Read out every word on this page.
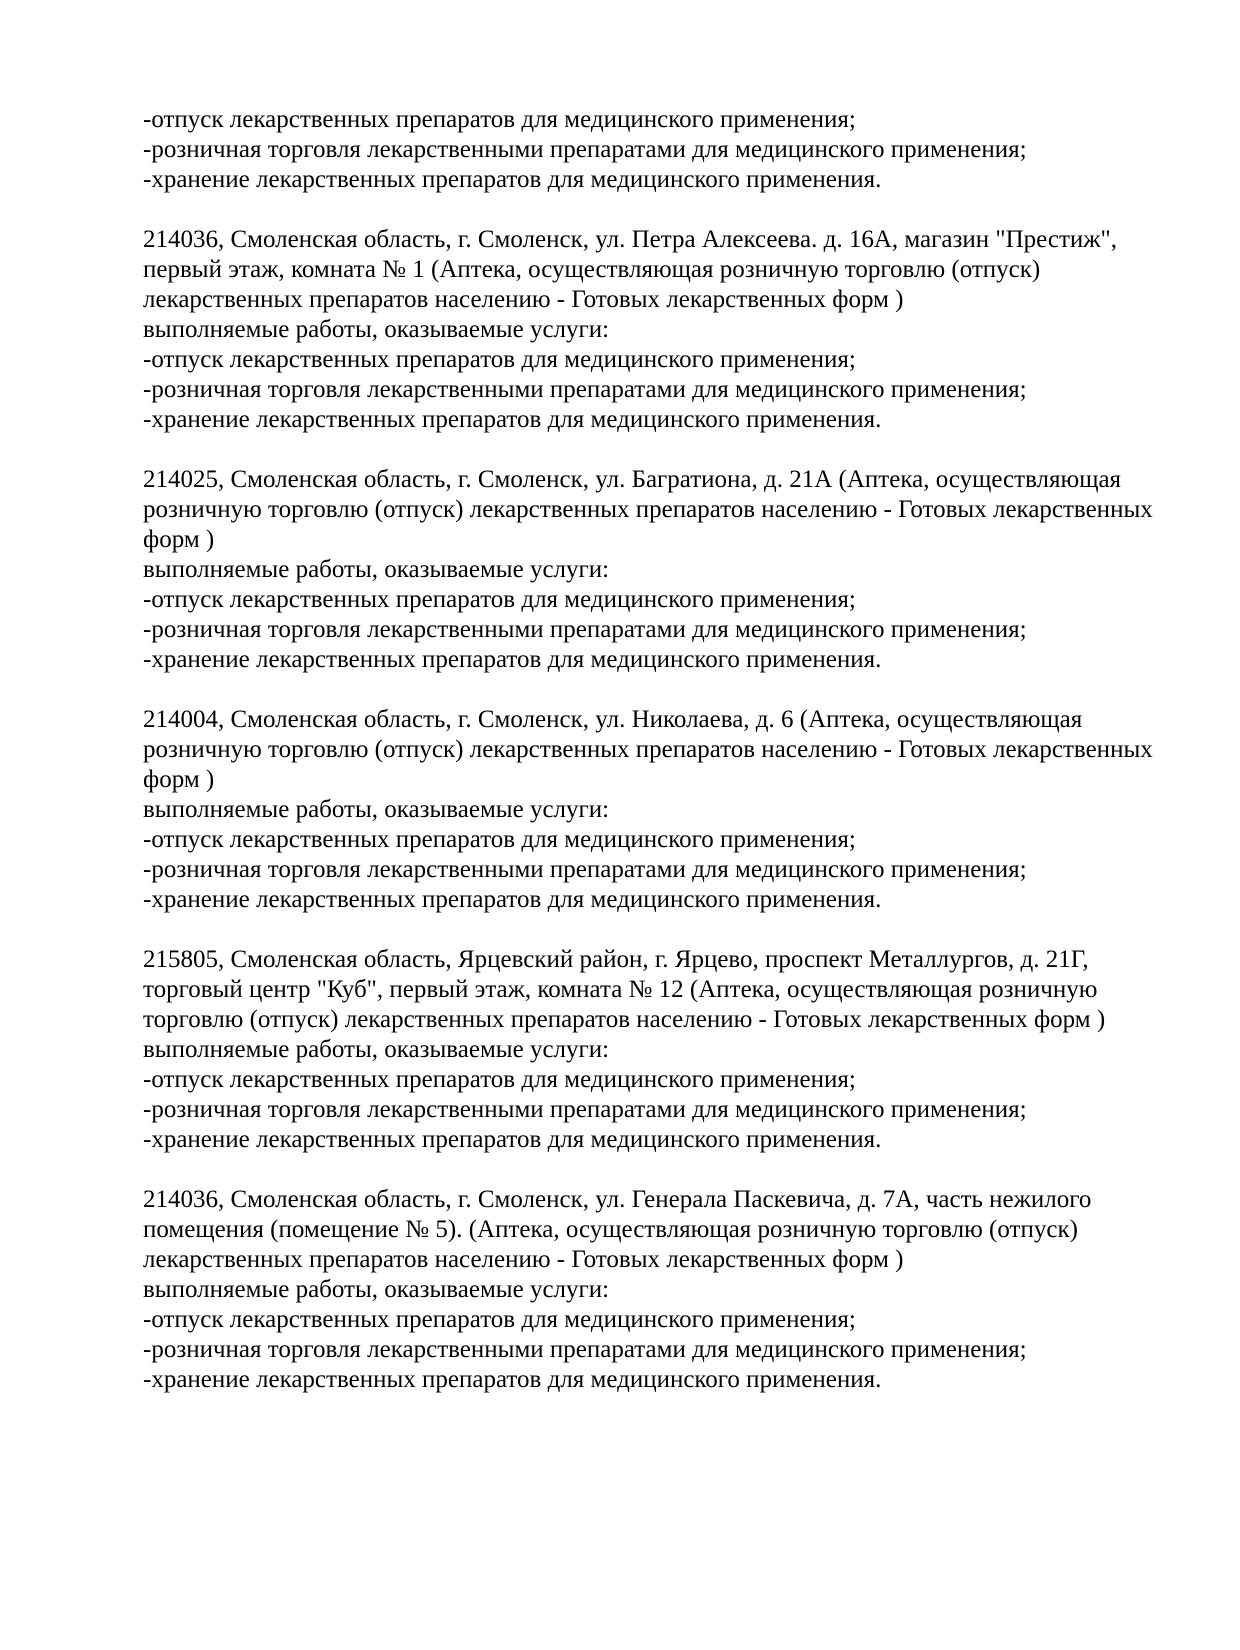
-отпуск лекарственных препаратов для медицинского применения;
-розничная торговля лекарственными препаратами для медицинского применения;
-хранение лекарственных препаратов для медицинского применения.
214036, Смоленская область, г. Смоленск, ул. Петра Алексеева. д. 16А, магазин "Престиж",
первый этаж, комната № 1 (Аптека, осуществляющая розничную торговлю (отпуск)
лекарственных препаратов населению - Готовых лекарственных форм )
выполняемые работы, оказываемые услуги:
-отпуск лекарственных препаратов для медицинского применения;
-розничная торговля лекарственными препаратами для медицинского применения;
-хранение лекарственных препаратов для медицинского применения.
214025, Смоленская область, г. Смоленск, ул. Багратиона, д. 21А (Аптека, осуществляющая
розничную торговлю (отпуск) лекарственных препаратов населению - Готовых лекарственных
форм )
выполняемые работы, оказываемые услуги:
-отпуск лекарственных препаратов для медицинского применения;
-розничная торговля лекарственными препаратами для медицинского применения;
-хранение лекарственных препаратов для медицинского применения.
214004, Смоленская область, г. Смоленск, ул. Николаева, д. 6 (Аптека, осуществляющая
розничную торговлю (отпуск) лекарственных препаратов населению - Готовых лекарственных
форм )
выполняемые работы, оказываемые услуги:
-отпуск лекарственных препаратов для медицинского применения;
-розничная торговля лекарственными препаратами для медицинского применения;
-хранение лекарственных препаратов для медицинского применения.
215805, Смоленская область, Ярцевский район, г. Ярцево, проспект Металлургов, д. 21Г,
торговый центр "Куб", первый этаж, комната № 12 (Аптека, осуществляющая розничную
торговлю (отпуск) лекарственных препаратов населению - Готовых лекарственных форм )
выполняемые работы, оказываемые услуги:
-отпуск лекарственных препаратов для медицинского применения;
-розничная торговля лекарственными препаратами для медицинского применения;
-хранение лекарственных препаратов для медицинского применения.
214036, Смоленская область, г. Смоленск, ул. Генерала Паскевича, д. 7А, часть нежилого
помещения (помещение № 5). (Аптека, осуществляющая розничную торговлю (отпуск)
лекарственных препаратов населению - Готовых лекарственных форм )
выполняемые работы, оказываемые услуги:
-отпуск лекарственных препаратов для медицинского применения;
-розничная торговля лекарственными препаратами для медицинского применения;
-хранение лекарственных препаратов для медицинского применения.
